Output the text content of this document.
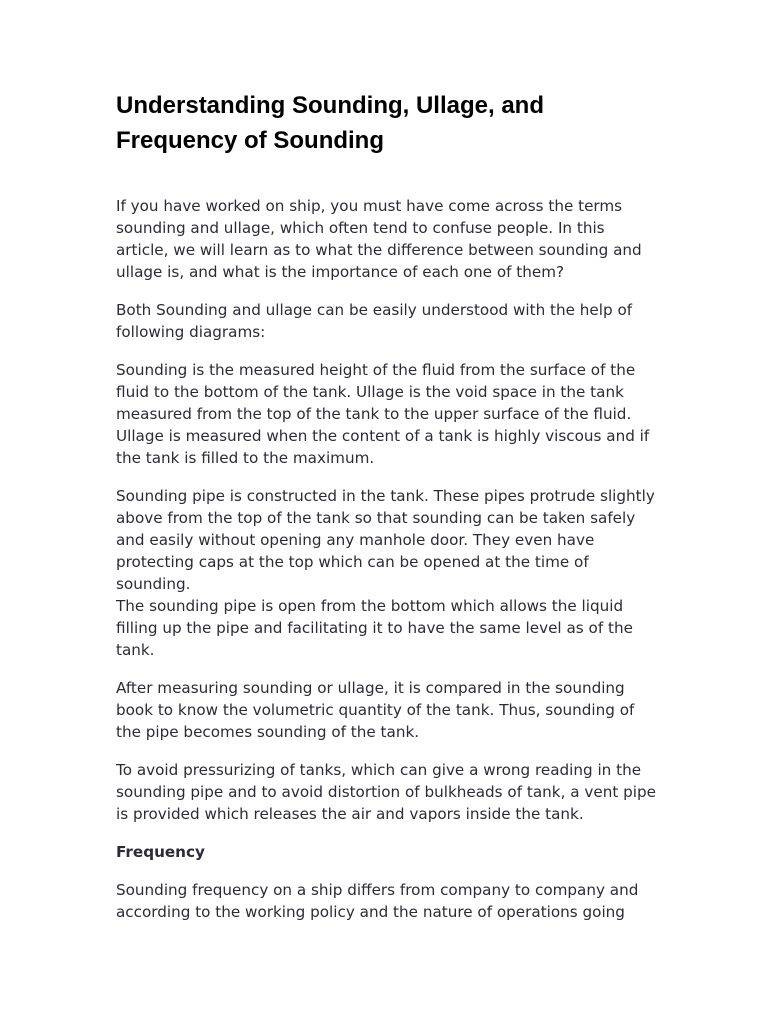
Understanding Sounding, Ullage, and Frequency of Sounding

If you have worked on ship, you must have come across the terms sounding and ullage, which often tend to confuse people. In this article, we will learn as to what the difference between sounding and ullage is, and what is the importance of each one of them?

Both Sounding and ullage can be easily understood with the help of following diagrams:

Sounding is the measured height of the fluid from the surface of the fluid to the bottom of the tank. Ullage is the void space in the tank measured from the top of the tank to the upper surface of the fluid. Ullage is measured when the content of a tank is highly viscous and if the tank is filled to the maximum.

Sounding pipe is constructed in the tank. These pipes protrude slightly above from the top of the tank so that sounding can be taken safely and easily without opening any manhole door. They even have protecting caps at the top which can be opened at the time of sounding.

The sounding pipe is open from the bottom which allows the liquid filling up the pipe and facilitating it to have the same level as of the tank.

After measuring sounding or ullage, it is compared in the sounding book to know the volumetric quantity of the tank. Thus, sounding of the pipe becomes sounding of the tank.

To avoid pressurizing of tanks, which can give a wrong reading in the sounding pipe and to avoid distortion of bulkheads of tank, a vent pipe is provided which releases the air and vapors inside the tank.

Frequency

Sounding frequency on a ship differs from company to company and according to the working policy and the nature of operations going
